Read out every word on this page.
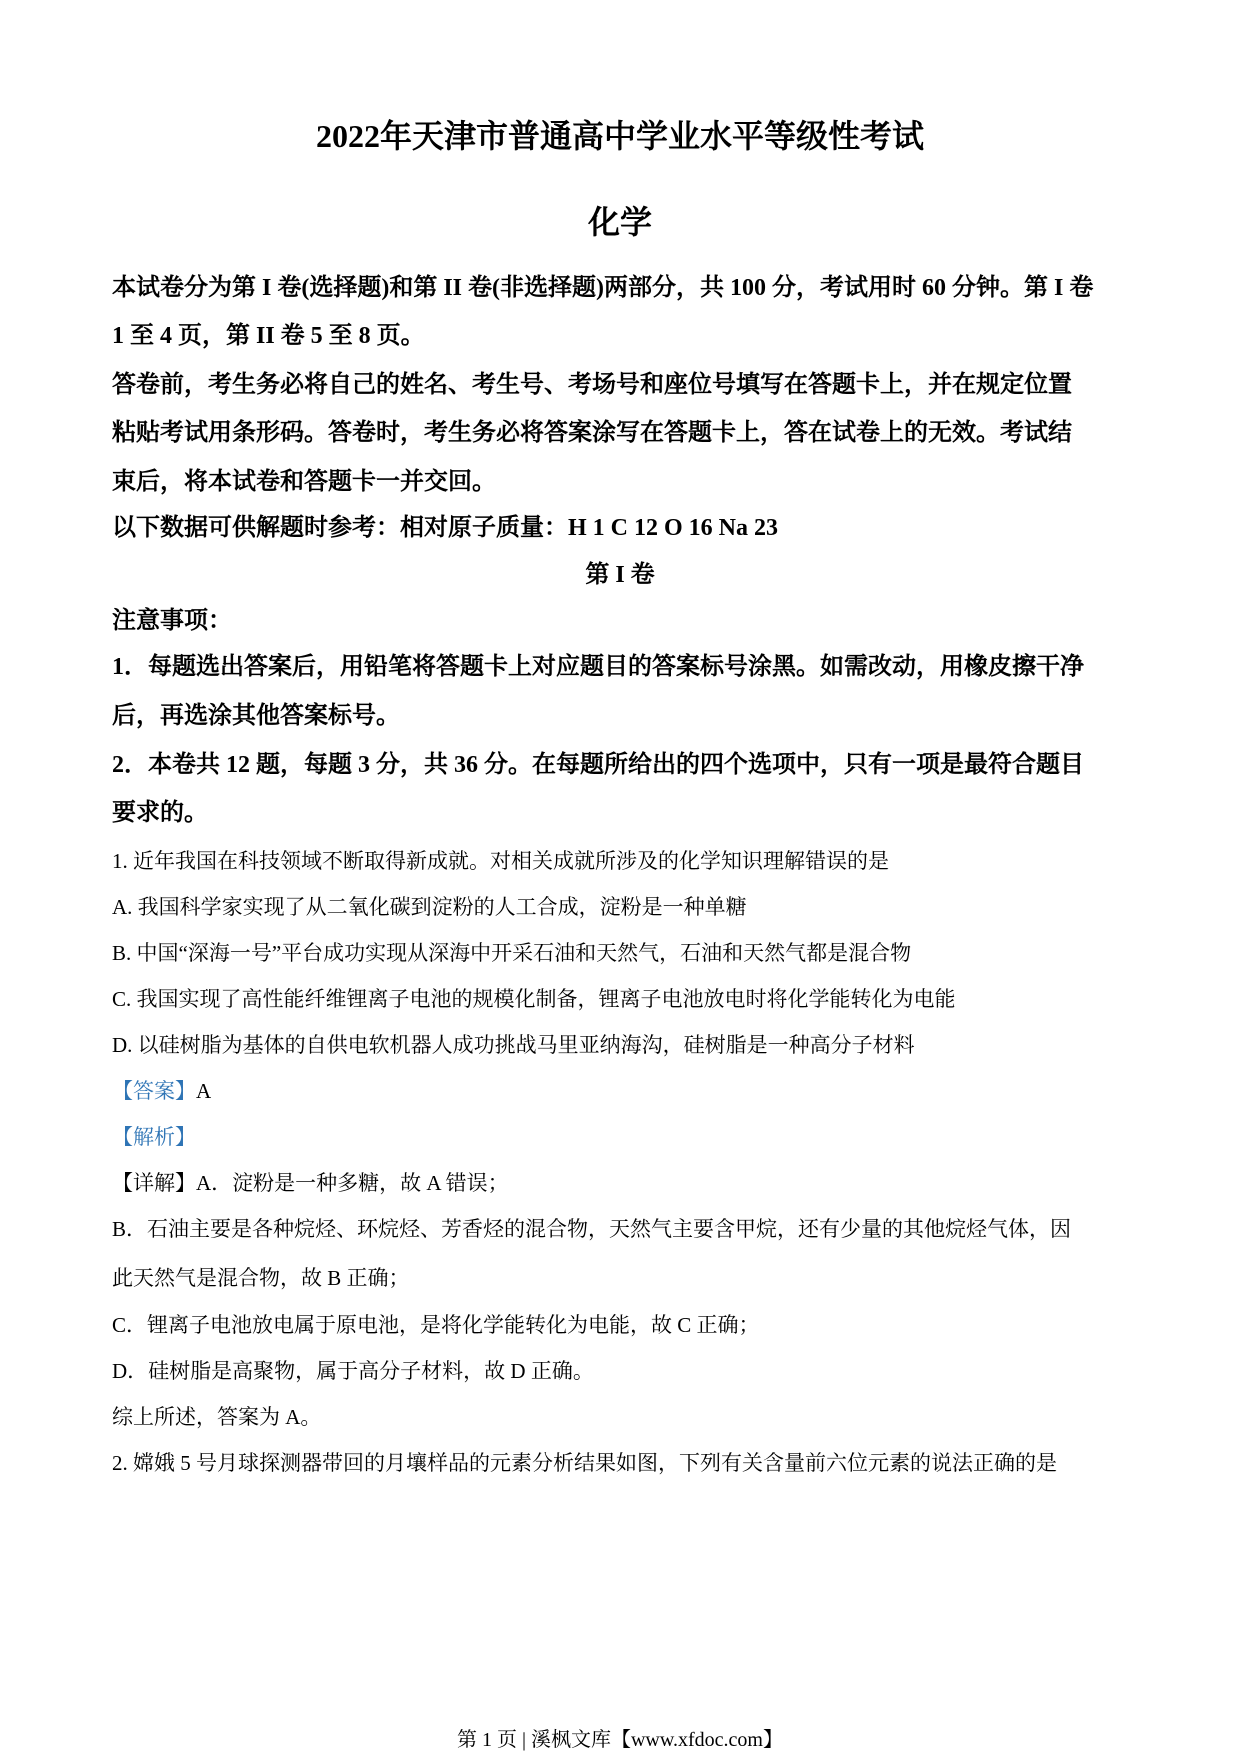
2022年天津市普通高中学业水平等级性考试
化学
本试卷分为第 I 卷(选择题)和第 II 卷(非选择题)两部分，共 100 分，考试用时 60 分钟。第 I 卷
1 至 4 页，第 II 卷 5 至 8 页。
答卷前，考生务必将自己的姓名、考生号、考场号和座位号填写在答题卡上，并在规定位置
粘贴考试用条形码。答卷时，考生务必将答案涂写在答题卡上，答在试卷上的无效。考试结
束后，将本试卷和答题卡一并交回。
以下数据可供解题时参考：相对原子质量：H 1 C 12 O 16 Na 23
第 I 卷
注意事项：
1．每题选出答案后，用铅笔将答题卡上对应题目的答案标号涂黑。如需改动，用橡皮擦干净
后，再选涂其他答案标号。
2．本卷共 12 题，每题 3 分，共 36 分。在每题所给出的四个选项中，只有一项是最符合题目
要求的。
1. 近年我国在科技领域不断取得新成就。对相关成就所涉及的化学知识理解错误的是
A. 我国科学家实现了从二氧化碳到淀粉的人工合成，淀粉是一种单糖
B. 中国“深海一号”平台成功实现从深海中开采石油和天然气，石油和天然气都是混合物
C. 我国实现了高性能纤维锂离子电池的规模化制备，锂离子电池放电时将化学能转化为电能
D. 以硅树脂为基体的自供电软机器人成功挑战马里亚纳海沟，硅树脂是一种高分子材料
【答案】A
【解析】
【详解】A．淀粉是一种多糖，故 A 错误；
B．石油主要是各种烷烃、环烷烃、芳香烃的混合物，天然气主要含甲烷，还有少量的其他烷烃气体，因
此天然气是混合物，故 B 正确；
C．锂离子电池放电属于原电池，是将化学能转化为电能，故 C 正确；
D．硅树脂是高聚物，属于高分子材料，故 D 正确。
综上所述，答案为 A。
2. 嫦娥 5 号月球探测器带回的月壤样品的元素分析结果如图，下列有关含量前六位元素的说法正确的是
第 1 页 | 溪枫文库【www.xfdoc.com】
